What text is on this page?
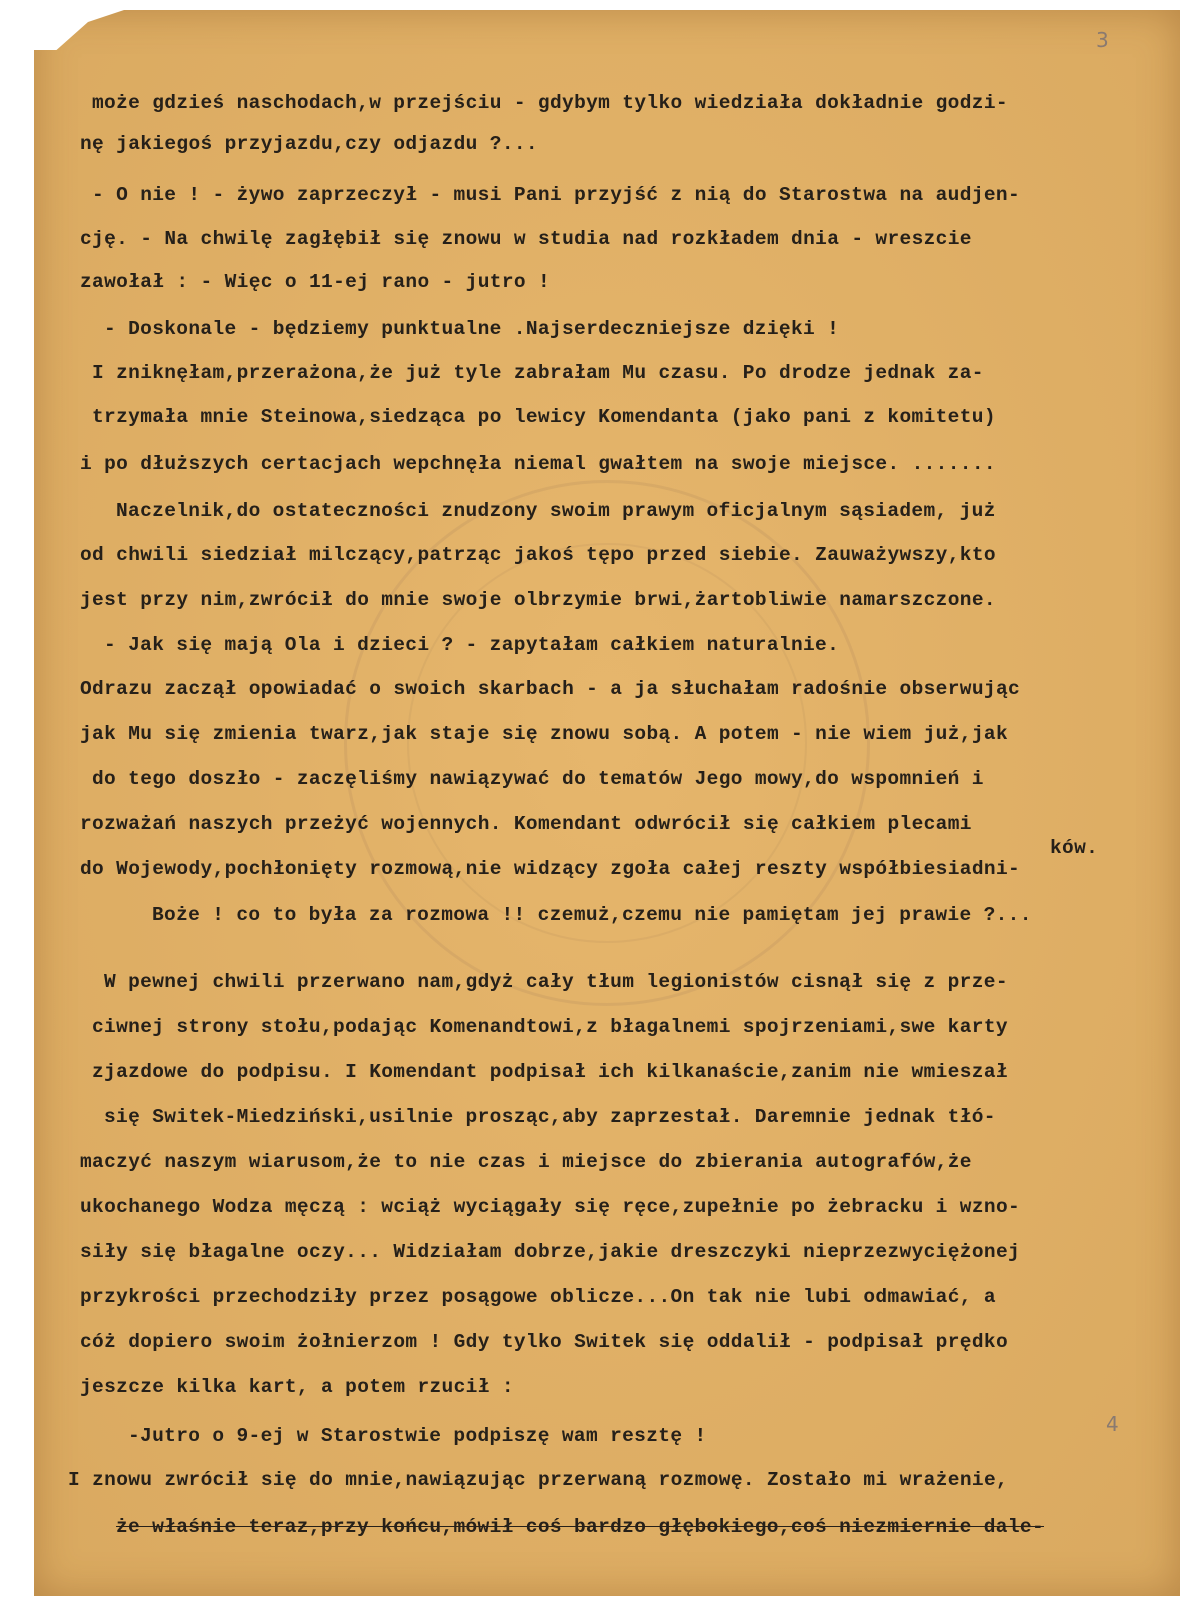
3
4

może gdzieś naschodach,w przejściu - gdybym tylko wiedziała dokładnie godzi-

nę jakiegoś przyjazdu,czy odjazdu ?...

- O nie ! - żywo zaprzeczył - musi Pani przyjść z nią do Starostwa na audjen-

cję. - Na chwilę zagłębił się znowu w studia nad rozkładem dnia - wreszcie

zawołał : - Więc o 11-ej rano - jutro !

- Doskonale - będziemy punktualne .Najserdeczniejsze dzięki !

I zniknęłam,przerażona,że już tyle zabrałam Mu czasu. Po drodze jednak za-

trzymała mnie Steinowa,siedząca po lewicy Komendanta (jako pani z komitetu)

i po dłuższych certacjach wepchnęła niemal gwałtem na swoje miejsce. .......

Naczelnik,do ostateczności znudzony swoim prawym oficjalnym sąsiadem, już

od chwili siedział milczący,patrząc jakoś tępo przed siebie. Zauważywszy,kto

jest przy nim,zwrócił do mnie swoje olbrzymie brwi,żartobliwie namarszczone.

- Jak się mają Ola i dzieci ? - zapytałam całkiem naturalnie.

Odrazu zaczął opowiadać o swoich skarbach - a ja słuchałam radośnie obserwując

jak Mu się zmienia twarz,jak staje się znowu sobą. A potem - nie wiem już,jak

do tego doszło - zaczęliśmy nawiązywać do tematów Jego mowy,do wspomnień i

rozważań naszych przeżyć wojennych. Komendant odwrócił się całkiem plecami

ków.

do Wojewody,pochłonięty rozmową,nie widzący zgoła całej reszty współbiesiadni-

Boże ! co to była za rozmowa !! czemuż,czemu nie pamiętam jej prawie ?...

W pewnej chwili przerwano nam,gdyż cały tłum legionistów cisnął się z prze-

ciwnej strony stołu,podając Komenandtowi,z błagalnemi spojrzeniami,swe karty

zjazdowe do podpisu. I Komendant podpisał ich kilkanaście,zanim nie wmieszał

się Switek-Miedziński,usilnie prosząc,aby zaprzestał. Daremnie jednak tłó-

maczyć naszym wiarusom,że to nie czas i miejsce do zbierania autografów,że

ukochanego Wodza męczą : wciąż wyciągały się ręce,zupełnie po żebracku i wzno-

siły się błagalne oczy... Widziałam dobrze,jakie dreszczyki nieprzezwyciężonej

przykrości przechodziły przez posągowe oblicze...On tak nie lubi odmawiać, a

cóż dopiero swoim żołnierzom ! Gdy tylko Switek się oddalił - podpisał prędko

jeszcze kilka kart, a potem rzucił :

-Jutro o 9-ej w Starostwie podpiszę wam resztę !

I znowu zwrócił się do mnie,nawiązując przerwaną rozmowę. Zostało mi wrażenie,

że właśnie teraz,przy końcu,mówił coś bardzo głębokiego,coś niezmiernie dale-
